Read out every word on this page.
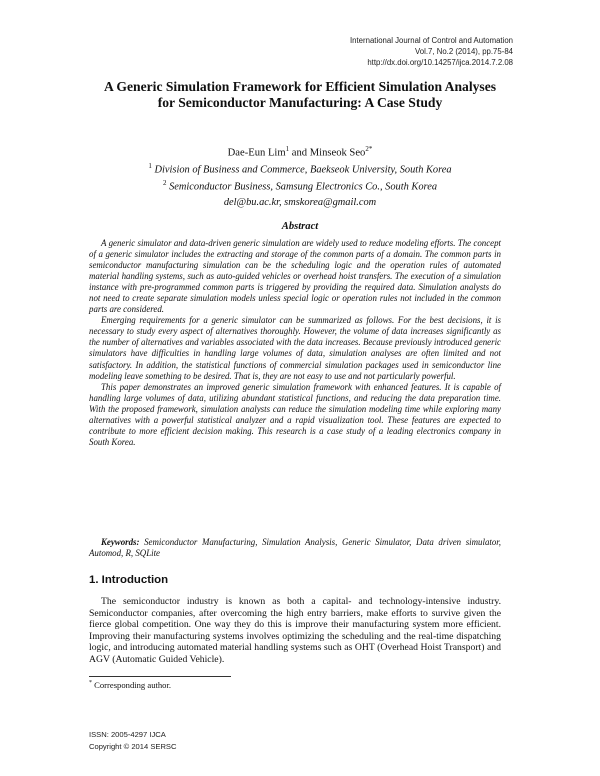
International Journal of Control and Automation
Vol.7, No.2 (2014), pp.75-84
http://dx.doi.org/10.14257/ijca.2014.7.2.08
A Generic Simulation Framework for Efficient Simulation Analyses
for Semiconductor Manufacturing: A Case Study
Dae-Eun Lim$^1$ and Minseok Seo$^{2*}$
$^1$ Division of Business and Commerce, Baekseok University, South Korea
$^2$ Semiconductor Business, Samsung Electronics Co., South Korea
del@bu.ac.kr, smskorea@gmail.com
Abstract

A generic simulator and data-driven generic simulation are widely used to reduce modeling efforts. The concept of a generic simulator includes the extracting and storage of the common parts of a domain. The common parts in semiconductor manufacturing simulation can be the scheduling logic and the operation rules of automated material handling systems, such as auto-guided vehicles or overhead hoist transfers. The execution of a simulation instance with pre-programmed common parts is triggered by providing the required data. Simulation analysts do not need to create separate simulation models unless special logic or operation rules not included in the common parts are considered.

Emerging requirements for a generic simulator can be summarized as follows. For the best decisions, it is necessary to study every aspect of alternatives thoroughly. However, the volume of data increases significantly as the number of alternatives and variables associated with the data increases. Because previously introduced generic simulators have difficulties in handling large volumes of data, simulation analyses are often limited and not satisfactory. In addition, the statistical functions of commercial simulation packages used in semiconductor line modeling leave something to be desired. That is, they are not easy to use and not particularly powerful.

This paper demonstrates an improved generic simulation framework with enhanced features. It is capable of handling large volumes of data, utilizing abundant statistical functions, and reducing the data preparation time. With the proposed framework, simulation analysts can reduce the simulation modeling time while exploring many alternatives with a powerful statistical analyzer and a rapid visualization tool. These features are expected to contribute to more efficient decision making. This research is a case study of a leading electronics company in South Korea.

Keywords: Semiconductor Manufacturing, Simulation Analysis, Generic Simulator, Data driven simulator, Automod, R, SQLite
1. Introduction

The semiconductor industry is known as both a capital- and technology-intensive industry. Semiconductor companies, after overcoming the high entry barriers, make efforts to survive given the fierce global competition. One way they do this is improve their manufacturing system more efficient. Improving their manufacturing systems involves optimizing the scheduling and the real-time dispatching logic, and introducing automated material handling systems such as OHT (Overhead Hoist Transport) and AGV (Automatic Guided Vehicle).

* Corresponding author.
ISSN: 2005-4297 IJCA
Copyright © 2014 SERSC
